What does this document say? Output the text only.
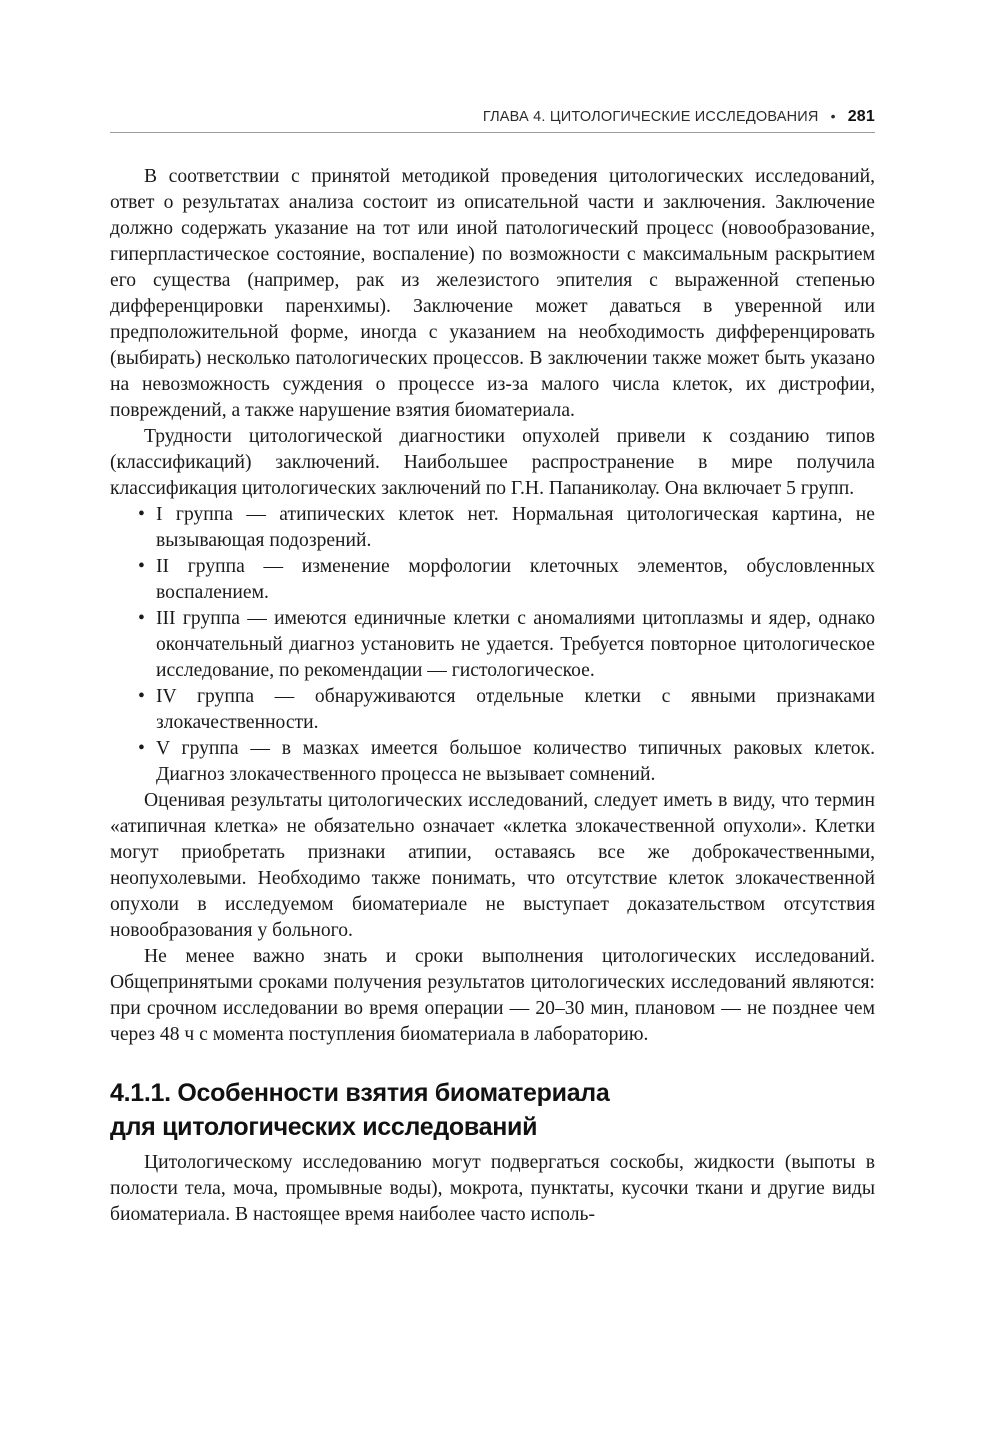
ГЛАВА 4. ЦИТОЛОГИЧЕСКИЕ ИССЛЕДОВАНИЯ • 281

В соответствии с принятой методикой проведения цитологических исследований, ответ о результатах анализа состоит из описательной части и заключения. Заключение должно содержать указание на тот или иной патологический процесс (новообразование, гиперпластическое состояние, воспаление) по возможности с максимальным раскрытием его существа (например, рак из железистого эпителия с выраженной степенью дифференцировки паренхимы). Заключение может даваться в уверенной или предположительной форме, иногда с указанием на необходимость дифференцировать (выбирать) несколько патологических процессов. В заключении также может быть указано на невозможность суждения о процессе из-за малого числа клеток, их дистрофии, повреждений, а также нарушение взятия биоматериала.

Трудности цитологической диагностики опухолей привели к созданию типов (классификаций) заключений. Наибольшее распространение в мире получила классификация цитологических заключений по Г.Н. Папаниколау. Она включает 5 групп.

• I группа — атипических клеток нет. Нормальная цитологическая картина, не вызывающая подозрений.
• II группа — изменение морфологии клеточных элементов, обусловленных воспалением.
• III группа — имеются единичные клетки с аномалиями цитоплазмы и ядер, однако окончательный диагноз установить не удается. Требуется повторное цитологическое исследование, по рекомендации — гистологическое.
• IV группа — обнаруживаются отдельные клетки с явными признаками злокачественности.
• V группа — в мазках имеется большое количество типичных раковых клеток. Диагноз злокачественного процесса не вызывает сомнений.

Оценивая результаты цитологических исследований, следует иметь в виду, что термин «атипичная клетка» не обязательно означает «клетка злокачественной опухоли». Клетки могут приобретать признаки атипии, оставаясь все же доброкачественными, неопухолевыми. Необходимо также понимать, что отсутствие клеток злокачественной опухоли в исследуемом биоматериале не выступает доказательством отсутствия новообразования у больного.

Не менее важно знать и сроки выполнения цитологических исследований. Общепринятыми сроками получения результатов цитологических исследований являются: при срочном исследовании во время операции — 20–30 мин, плановом — не позднее чем через 48 ч с момента поступления биоматериала в лабораторию.

4.1.1. Особенности взятия биоматериала
для цитологических исследований

Цитологическому исследованию могут подвергаться соскобы, жидкости (выпоты в полости тела, моча, промывные воды), мокрота, пунктаты, кусочки ткани и другие виды биоматериала. В настоящее время наиболее часто исполь-
